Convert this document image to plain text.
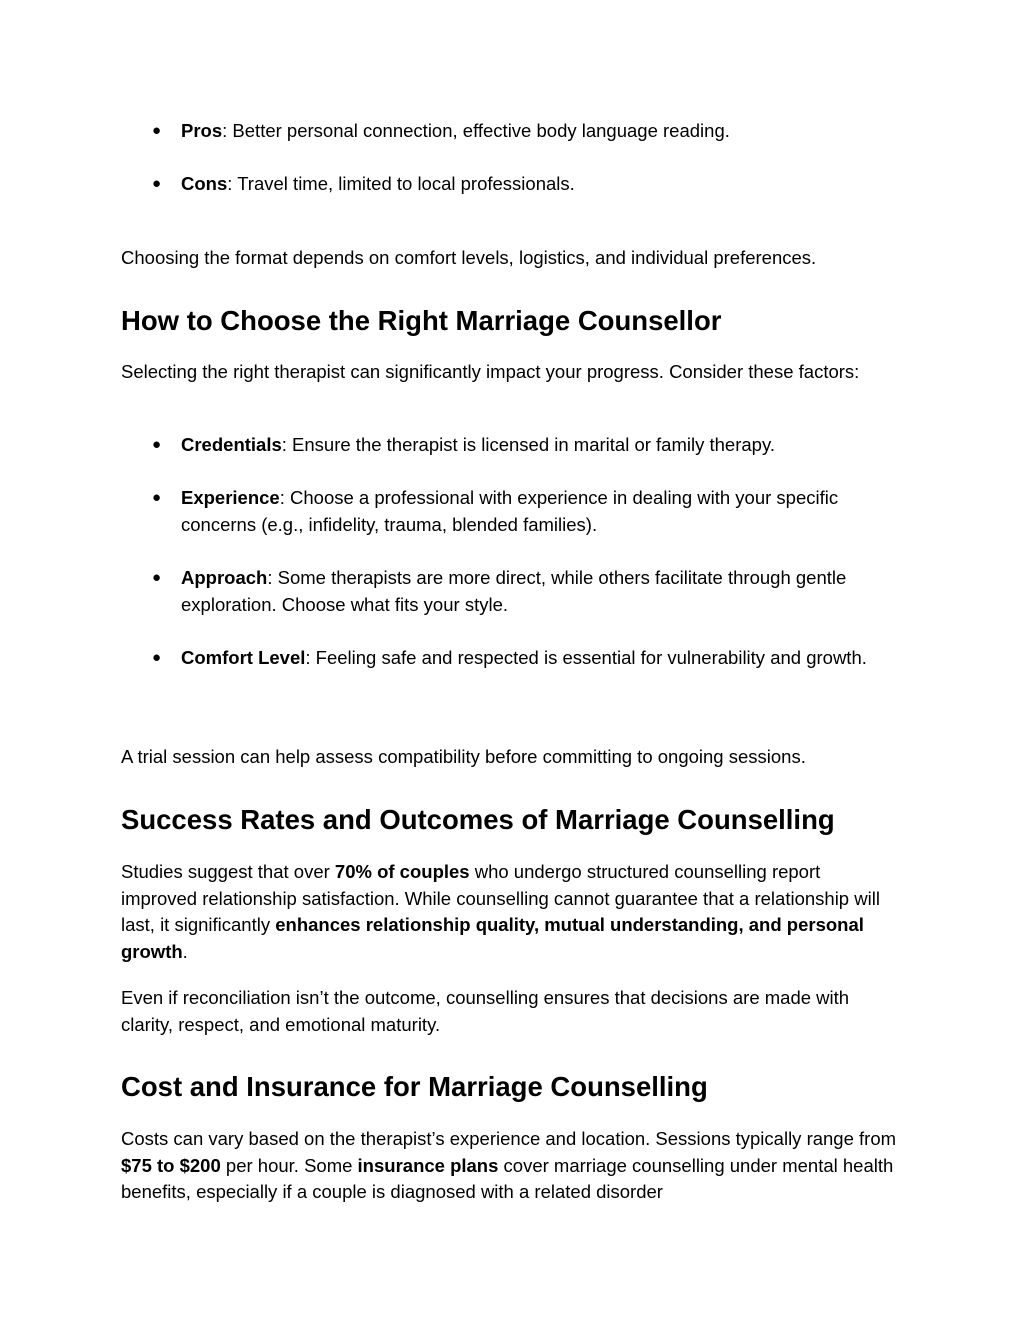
● Pros: Better personal connection, effective body language reading.
● Cons: Travel time, limited to local professionals.

Choosing the format depends on comfort levels, logistics, and individual preferences.

How to Choose the Right Marriage Counsellor

Selecting the right therapist can significantly impact your progress. Consider these factors:

● Credentials: Ensure the therapist is licensed in marital or family therapy.
● Experience: Choose a professional with experience in dealing with your specific concerns (e.g., infidelity, trauma, blended families).
● Approach: Some therapists are more direct, while others facilitate through gentle exploration. Choose what fits your style.
● Comfort Level: Feeling safe and respected is essential for vulnerability and growth.

A trial session can help assess compatibility before committing to ongoing sessions.

Success Rates and Outcomes of Marriage Counselling

Studies suggest that over 70% of couples who undergo structured counselling report improved relationship satisfaction. While counselling cannot guarantee that a relationship will last, it significantly enhances relationship quality, mutual understanding, and personal growth.

Even if reconciliation isn’t the outcome, counselling ensures that decisions are made with clarity, respect, and emotional maturity.

Cost and Insurance for Marriage Counselling

Costs can vary based on the therapist’s experience and location. Sessions typically range from $75 to $200 per hour. Some insurance plans cover marriage counselling under mental health benefits, especially if a couple is diagnosed with a related disorder
